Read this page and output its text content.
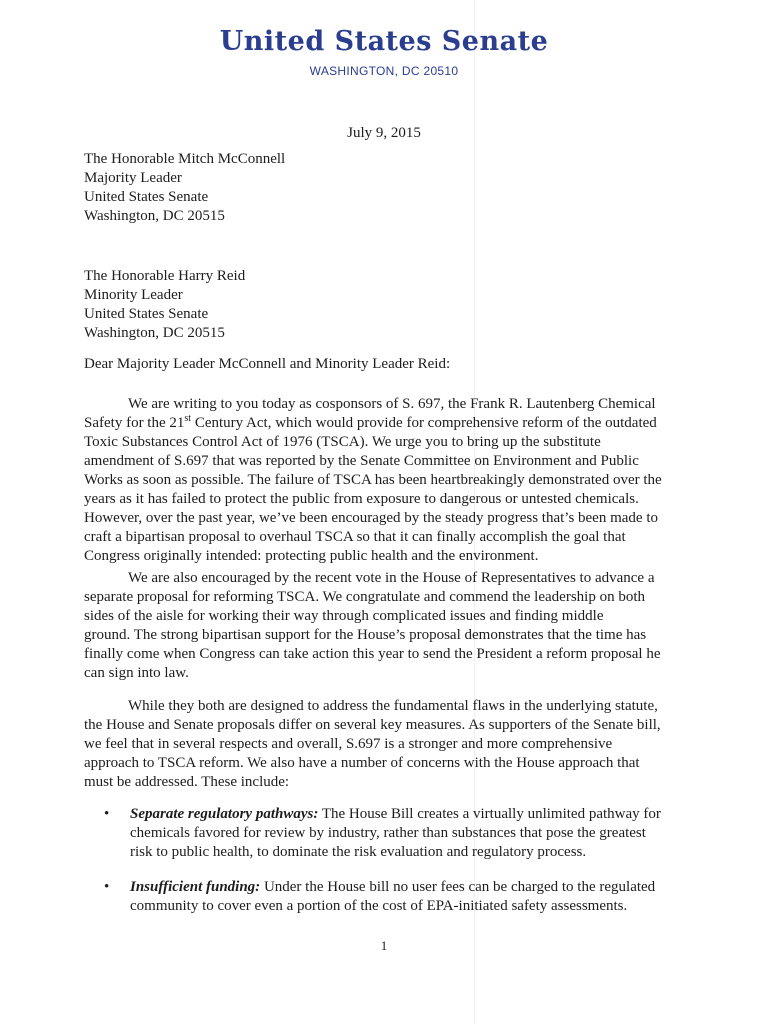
United States Senate
WASHINGTON, DC 20510
July 9, 2015
The Honorable Mitch McConnell
Majority Leader
United States Senate
Washington, DC 20515
The Honorable Harry Reid
Minority Leader
United States Senate
Washington, DC 20515
Dear Majority Leader McConnell and Minority Leader Reid:
We are writing to you today as cosponsors of S. 697, the Frank R. Lautenberg Chemical
Safety for the 21st Century Act, which would provide for comprehensive reform of the outdated
Toxic Substances Control Act of 1976 (TSCA). We urge you to bring up the substitute
amendment of S.697 that was reported by the Senate Committee on Environment and Public
Works as soon as possible. The failure of TSCA has been heartbreakingly demonstrated over the
years as it has failed to protect the public from exposure to dangerous or untested chemicals.
However, over the past year, we’ve been encouraged by the steady progress that’s been made to
craft a bipartisan proposal to overhaul TSCA so that it can finally accomplish the goal that
Congress originally intended: protecting public health and the environment.
We are also encouraged by the recent vote in the House of Representatives to advance a
separate proposal for reforming TSCA. We congratulate and commend the leadership on both
sides of the aisle for working their way through complicated issues and finding middle
ground. The strong bipartisan support for the House’s proposal demonstrates that the time has
finally come when Congress can take action this year to send the President a reform proposal he
can sign into law.
While they both are designed to address the fundamental flaws in the underlying statute,
the House and Senate proposals differ on several key measures. As supporters of the Senate bill,
we feel that in several respects and overall, S.697 is a stronger and more comprehensive
approach to TSCA reform. We also have a number of concerns with the House approach that
must be addressed. These include:
•	Separate regulatory pathways: The House Bill creates a virtually unlimited pathway for
chemicals favored for review by industry, rather than substances that pose the greatest
risk to public health, to dominate the risk evaluation and regulatory process.
•	Insufficient funding: Under the House bill no user fees can be charged to the regulated
community to cover even a portion of the cost of EPA-initiated safety assessments.
1
